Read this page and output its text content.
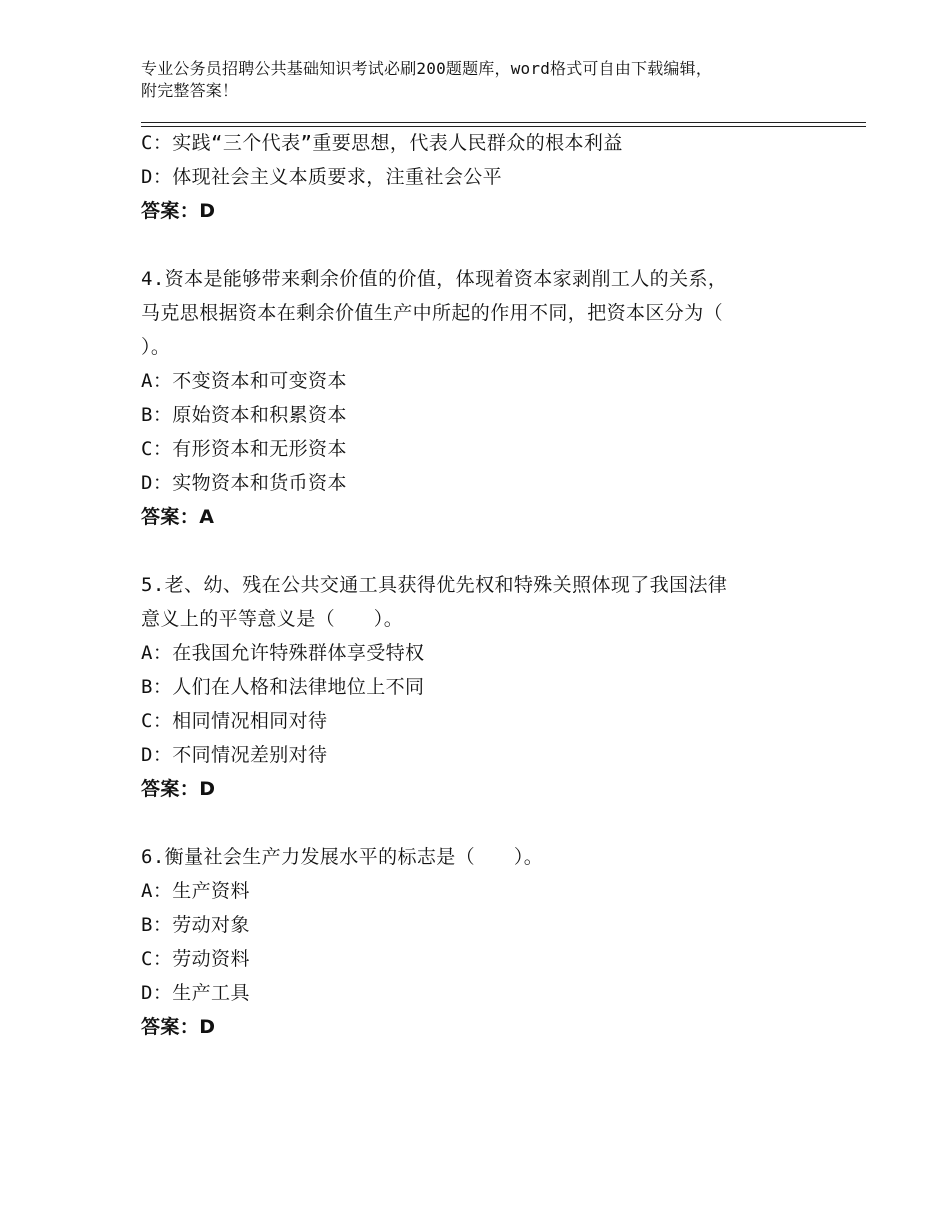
专业公务员招聘公共基础知识考试必刷200题题库，word格式可自由下载编辑，
附完整答案！
C：实践“三个代表”重要思想，代表人民群众的根本利益
D：体现社会主义本质要求，注重社会公平
答案：D
4.资本是能够带来剩余价值的价值，体现着资本家剥削工人的关系，
马克思根据资本在剩余价值生产中所起的作用不同，把资本区分为（
）。
A：不变资本和可变资本
B：原始资本和积累资本
C：有形资本和无形资本
D：实物资本和货币资本
答案：A
5.老、幼、残在公共交通工具获得优先权和特殊关照体现了我国法律
意义上的平等意义是（　　）。
A：在我国允许特殊群体享受特权
B：人们在人格和法律地位上不同
C：相同情况相同对待
D：不同情况差别对待
答案：D
6.衡量社会生产力发展水平的标志是（　　）。
A：生产资料
B：劳动对象
C：劳动资料
D：生产工具
答案：D
